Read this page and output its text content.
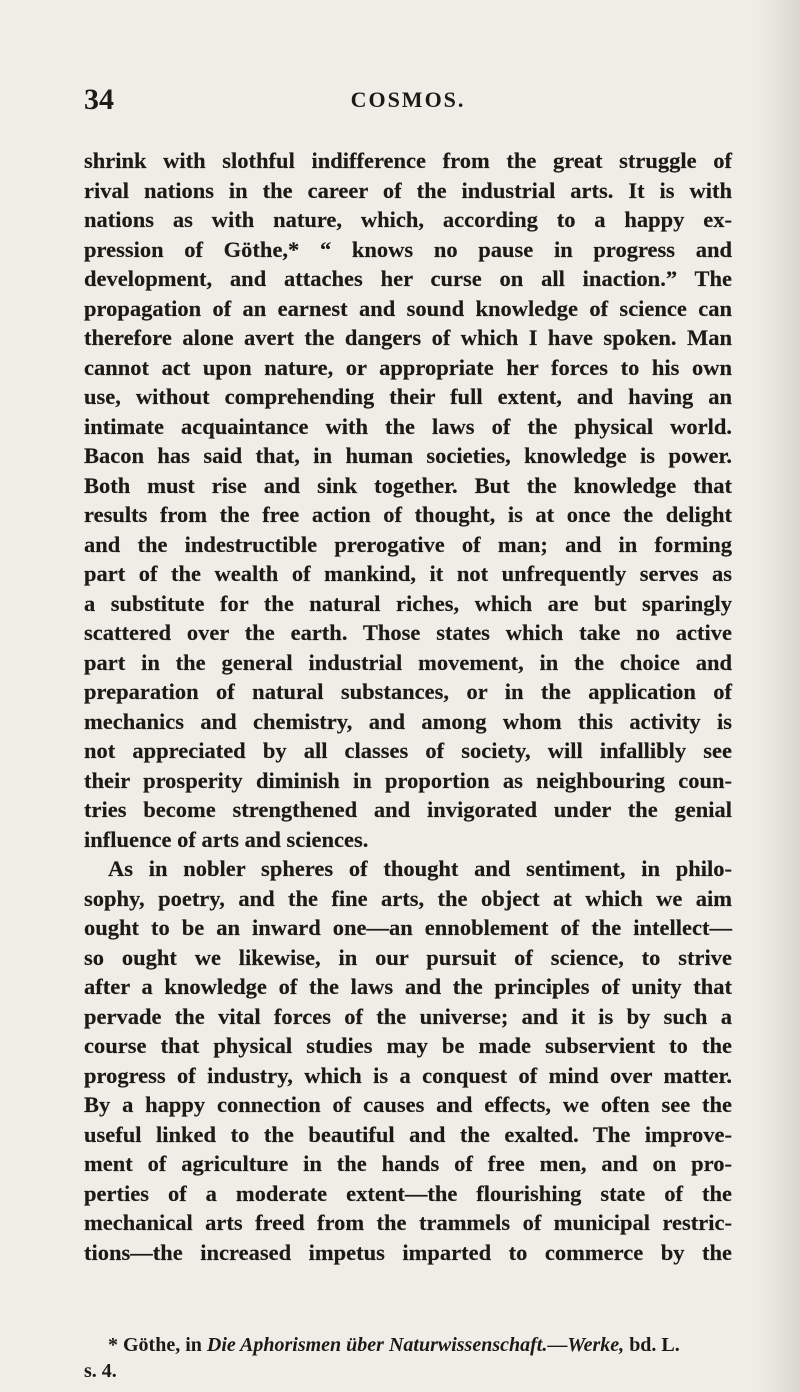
34	COSMOS.
shrink with slothful indifference from the great struggle of
rival nations in the career of the industrial arts. It is with
nations as with nature, which, according to a happy ex-
pression of Göthe,* “ knows no pause in progress and
development, and attaches her curse on all inaction.” The
propagation of an earnest and sound knowledge of science can
therefore alone avert the dangers of which I have spoken. Man
cannot act upon nature, or appropriate her forces to his own
use, without comprehending their full extent, and having an
intimate acquaintance with the laws of the physical world.
Bacon has said that, in human societies, knowledge is power.
Both must rise and sink together. But the knowledge that
results from the free action of thought, is at once the delight
and the indestructible prerogative of man; and in forming
part of the wealth of mankind, it not unfrequently serves as
a substitute for the natural riches, which are but sparingly
scattered over the earth. Those states which take no active
part in the general industrial movement, in the choice and
preparation of natural substances, or in the application of
mechanics and chemistry, and among whom this activity is
not appreciated by all classes of society, will infallibly see
their prosperity diminish in proportion as neighbouring coun-
tries become strengthened and invigorated under the genial
influence of arts and sciences.
As in nobler spheres of thought and sentiment, in philo-
sophy, poetry, and the fine arts, the object at which we aim
ought to be an inward one—an ennoblement of the intellect—
so ought we likewise, in our pursuit of science, to strive
after a knowledge of the laws and the principles of unity that
pervade the vital forces of the universe; and it is by such a
course that physical studies may be made subservient to the
progress of industry, which is a conquest of mind over matter.
By a happy connection of causes and effects, we often see the
useful linked to the beautiful and the exalted. The improve-
ment of agriculture in the hands of free men, and on pro-
perties of a moderate extent—the flourishing state of the
mechanical arts freed from the trammels of municipal restric-
tions—the increased impetus imparted to commerce by the
* Göthe, in Die Aphorismen über Naturwissenschaft.—Werke, bd. L.
s. 4.
